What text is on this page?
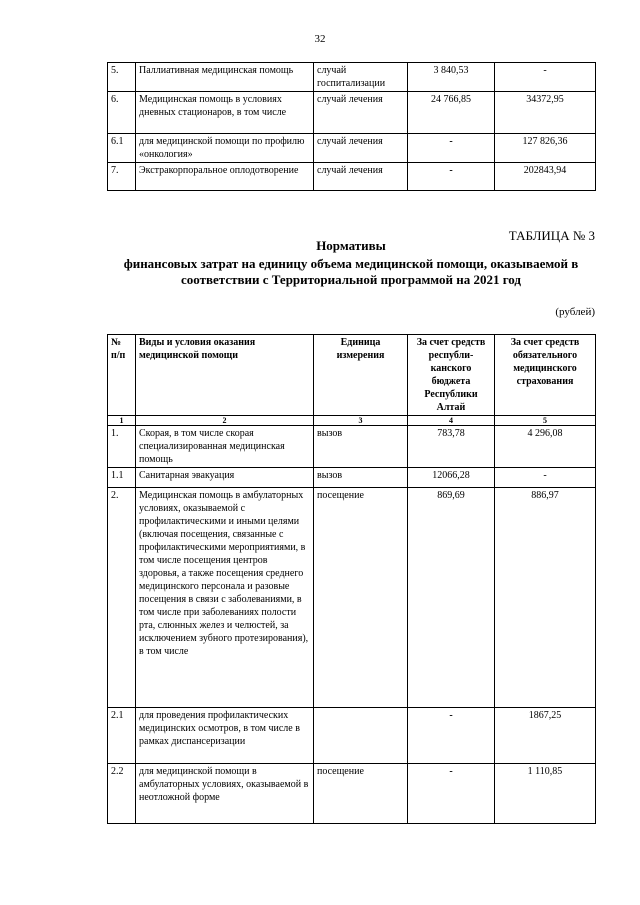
32
5.	Паллиативная медицинская помощь	случай госпитализации	3 840,53	-
6.	Медицинская помощь в условиях дневных стационаров, в том числе	случай лечения	24 766,85	34372,95
6.1	для медицинской помощи по профилю «онкология»	случай лечения	-	127 826,36
7.	Экстракорпоральное оплодотворение	случай лечения	-	202843,94
ТАБЛИЦА № 3
Нормативы
финансовых затрат на единицу объема медицинской помощи, оказываемой в соответствии с Территориальной программой на 2021 год
(рублей)
№ п/п	Виды и условия оказания медицинской помощи	Единица измерения	За счет средств республи- канского бюджета Республики Алтай	За счет средств обязательного медицинского страхования
1	2	3	4	5
1.	Скорая, в том числе скорая специализированная медицинская помощь	вызов	783,78	4 296,08
1.1	Санитарная эвакуация	вызов	12066,28	-
2.	Медицинская помощь в амбулаторных условиях, оказываемой с профилактическими и иными целями (включая посещения, связанные с профилактическими мероприятиями, в том числе посещения центров здоровья, а также посещения среднего медицинского персонала и разовые посещения в связи с заболеваниями, в том числе при заболеваниях полости рта, слюнных желез и челюстей, за исключением зубного протезирования), в том числе	посещение	869,69	886,97
2.1	для проведения профилактических медицинских осмотров, в том числе в рамках диспансеризации		-	1867,25
2.2	для медицинской помощи в амбулаторных условиях, оказываемой в неотложной форме	посещение	-	1 110,85
